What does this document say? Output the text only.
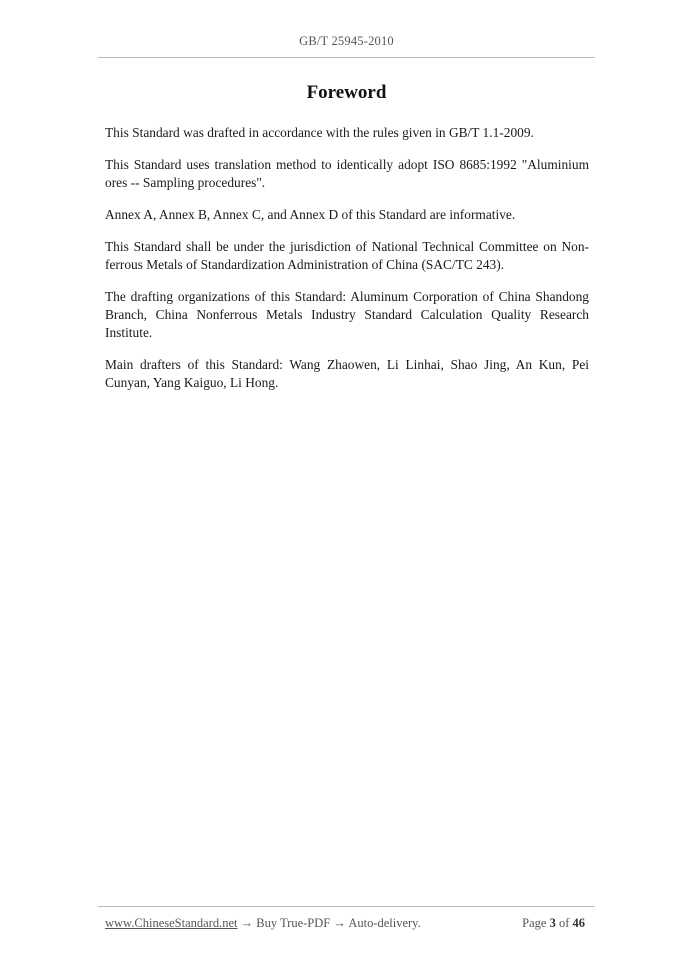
GB/T 25945-2010
Foreword

This Standard was drafted in accordance with the rules given in GB/T 1.1-2009.

This Standard uses translation method to identically adopt ISO 8685:1992 "Aluminium ores -- Sampling procedures".

Annex A, Annex B, Annex C, and Annex D of this Standard are informative.

This Standard shall be under the jurisdiction of National Technical Committee on Non-ferrous Metals of Standardization Administration of China (SAC/TC 243).

The drafting organizations of this Standard: Aluminum Corporation of China Shandong Branch, China Nonferrous Metals Industry Standard Calculation Quality Research Institute.

Main drafters of this Standard: Wang Zhaowen, Li Linhai, Shao Jing, An Kun, Pei Cunyan, Yang Kaiguo, Li Hong.

www.ChineseStandard.net → Buy True-PDF → Auto-delivery.	Page 3 of 46
